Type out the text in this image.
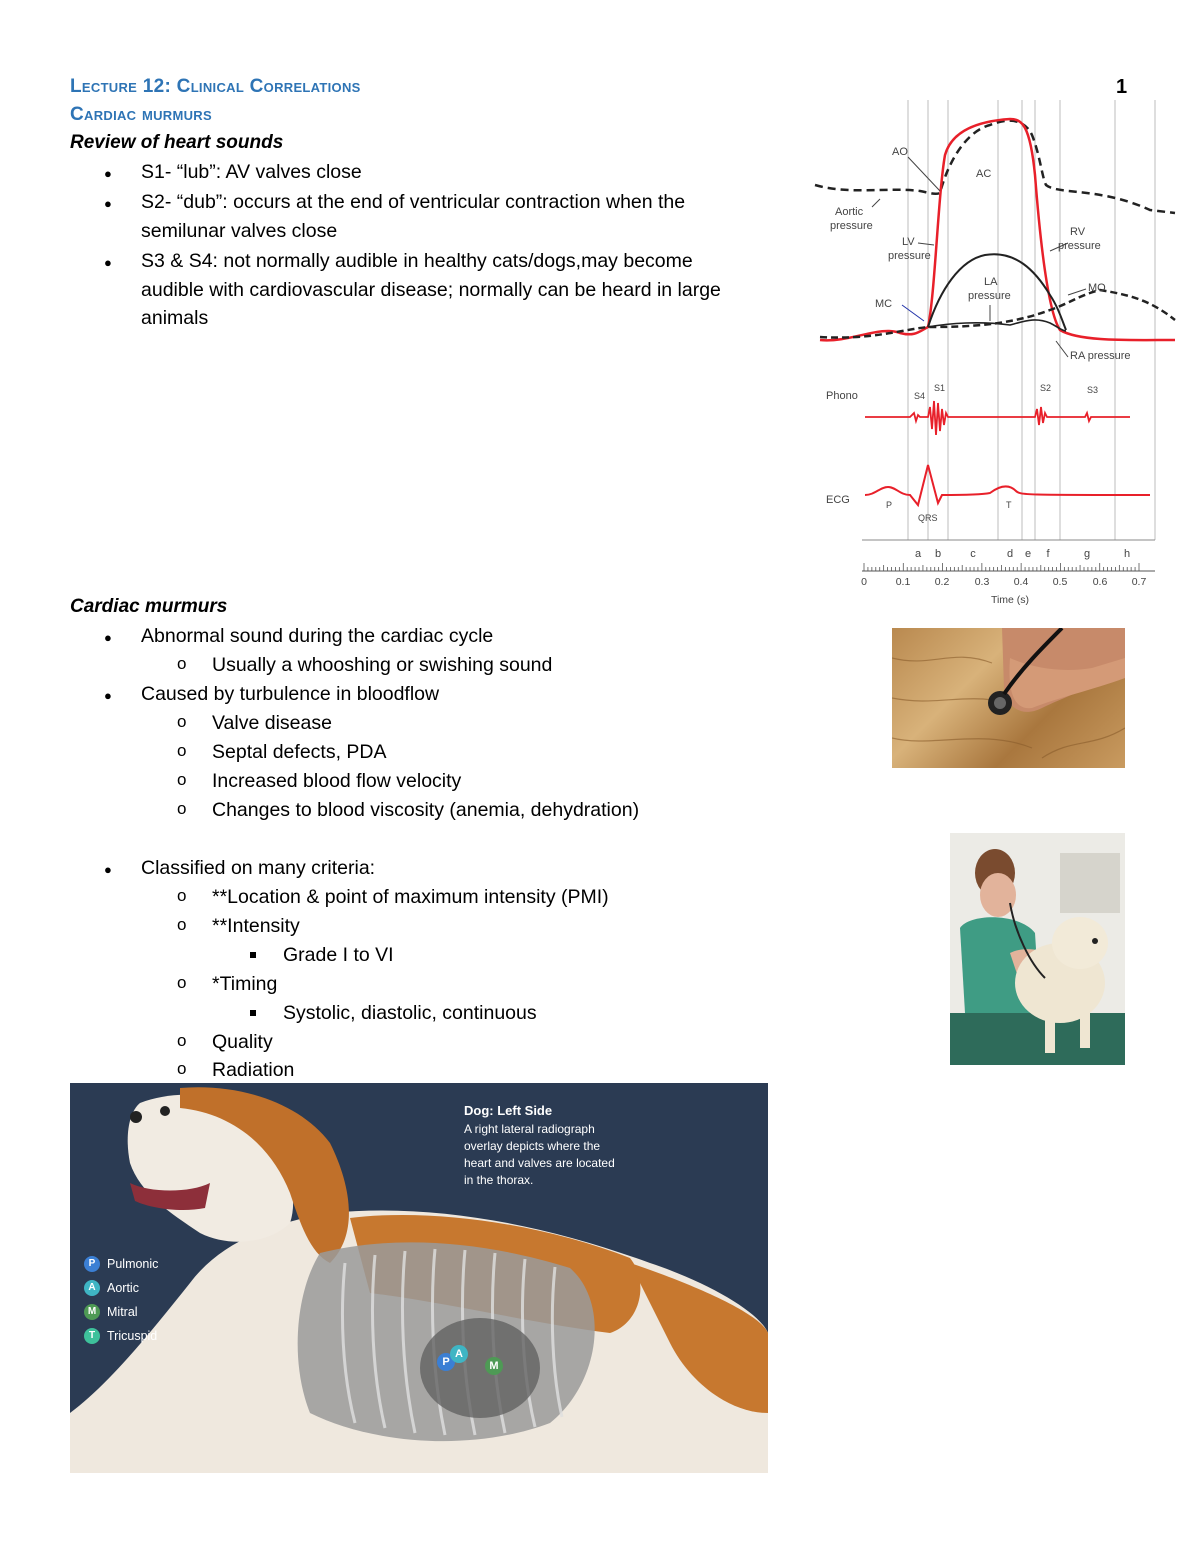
Lecture 12: Clinical Correlations
Cardiac murmurs
1
Review of heart sounds
● S1- “lub”: AV valves close
● S2- “dub”: occurs at the end of ventricular contraction when the
semilunar valves close
● S3 & S4: not normally audible in healthy cats/dogs,may become
audible with cardiovascular disease; normally can be heard in large
animals
AO
AC
Aortic
pressure
LV
pressure
RV
pressure
LA
pressure
MC
MO
RA pressure
Phono	S4
S1	S2	S3
ECG	P
QRS
T
a b	c	d e f	g	h
0	0.1 0.2 0.3 0.4 0.5 0.6 0.7
Time (s)
Cardiac murmurs
● Abnormal sound during the cardiac cycle
o Usually a whooshing or swishing sound
● Caused by turbulence in bloodflow
o Valve disease
o Septal defects, PDA
o Increased blood flow velocity
o Changes to blood viscosity (anemia, dehydration)
● Classified on many criteria:
o **Location & point of maximum intensity (PMI)
o **Intensity
Grade I to VI
o *Timing
Systolic, diastolic, continuous
o Quality
o Radiation
P
A
M
Dog: Left Side
A right lateral radiograph
overlay depicts where the
heart and valves are located
in the thorax.
P Pulmonic
A Aortic
M Mitral
T Tricuspid
